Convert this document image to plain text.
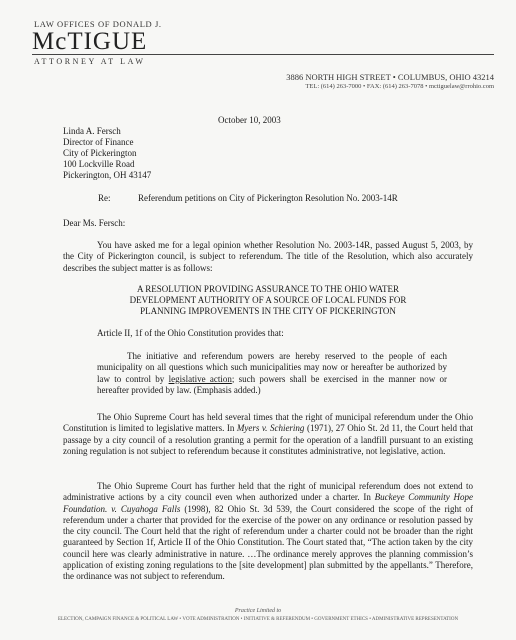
LAW OFFICES OF DONALD J.
McTIGUE
ATTORNEY AT LAW
3886 NORTH HIGH STREET • COLUMBUS, OHIO 43214
TEL: (614) 263-7000 • FAX: (614) 263-7078 • mctiguelaw@rrohio.com
October 10, 2003
Linda A. Fersch
Director of Finance
City of Pickerington
100 Lockville Road
Pickerington, OH 43147
Re:	Referendum petitions on City of Pickerington Resolution No. 2003-14R
Dear Ms. Fersch:
You have asked me for a legal opinion whether Resolution No. 2003-14R, passed August 5, 2003, by the City of Pickerington council, is subject to referendum. The title of the Resolution, which also accurately describes the subject matter is as follows:
A RESOLUTION PROVIDING ASSURANCE TO THE OHIO WATER
DEVELOPMENT AUTHORITY OF A SOURCE OF LOCAL FUNDS FOR
PLANNING IMPROVEMENTS IN THE CITY OF PICKERINGTON
Article II, 1f of the Ohio Constitution provides that:
The initiative and referendum powers are hereby reserved to the people of each municipality on all questions which such municipalities may now or hereafter be authorized by law to control by legislative action; such powers shall be exercised in the manner now or hereafter provided by law. (Emphasis added.)
The Ohio Supreme Court has held several times that the right of municipal referendum under the Ohio Constitution is limited to legislative matters. In Myers v. Schiering (1971), 27 Ohio St. 2d 11, the Court held that passage by a city council of a resolution granting a permit for the operation of a landfill pursuant to an existing zoning regulation is not subject to referendum because it constitutes administrative, not legislative, action.
The Ohio Supreme Court has further held that the right of municipal referendum does not extend to administrative actions by a city council even when authorized under a charter. In Buckeye Community Hope Foundation. v. Cuyahoga Falls (1998), 82 Ohio St. 3d 539, the Court considered the scope of the right of referendum under a charter that provided for the exercise of the power on any ordinance or resolution passed by the city council. The Court held that the right of referendum under a charter could not be broader than the right guaranteed by Section 1f, Article II of the Ohio Constitution. The Court stated that, “The action taken by the city council here was clearly administrative in nature. …The ordinance merely approves the planning commission’s application of existing zoning regulations to the [site development] plan submitted by the appellants.” Therefore, the ordinance was not subject to referendum.
Practice Limited to
ELECTION, CAMPAIGN FINANCE & POLITICAL LAW • VOTE ADMINISTRATION • INITIATIVE & REFERENDUM • GOVERNMENT ETHICS • ADMINISTRATIVE REPRESENTATION
